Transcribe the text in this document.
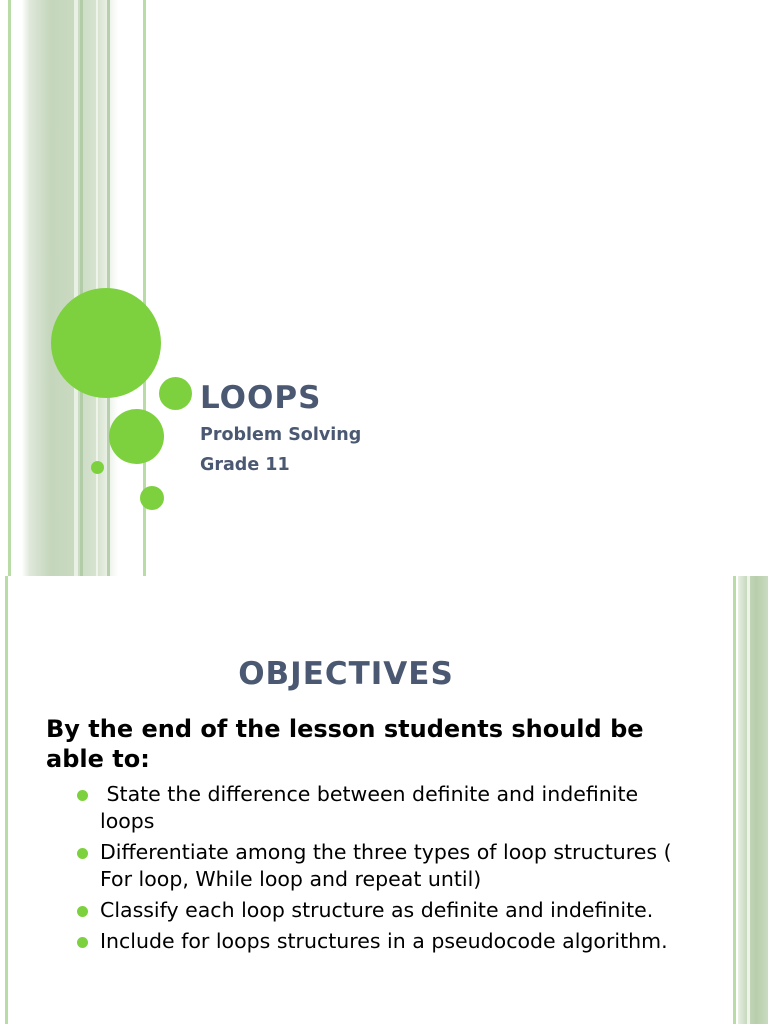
LOOPS
Problem Solving
Grade 11
OBJECTIVES
By the end of the lesson students should be able to:
State the difference between definite and indefinite loops
Differentiate among the three types of loop structures ( For loop, While loop and repeat until)
Classify each loop structure as definite and indefinite.
Include for loops structures in a pseudocode algorithm.
